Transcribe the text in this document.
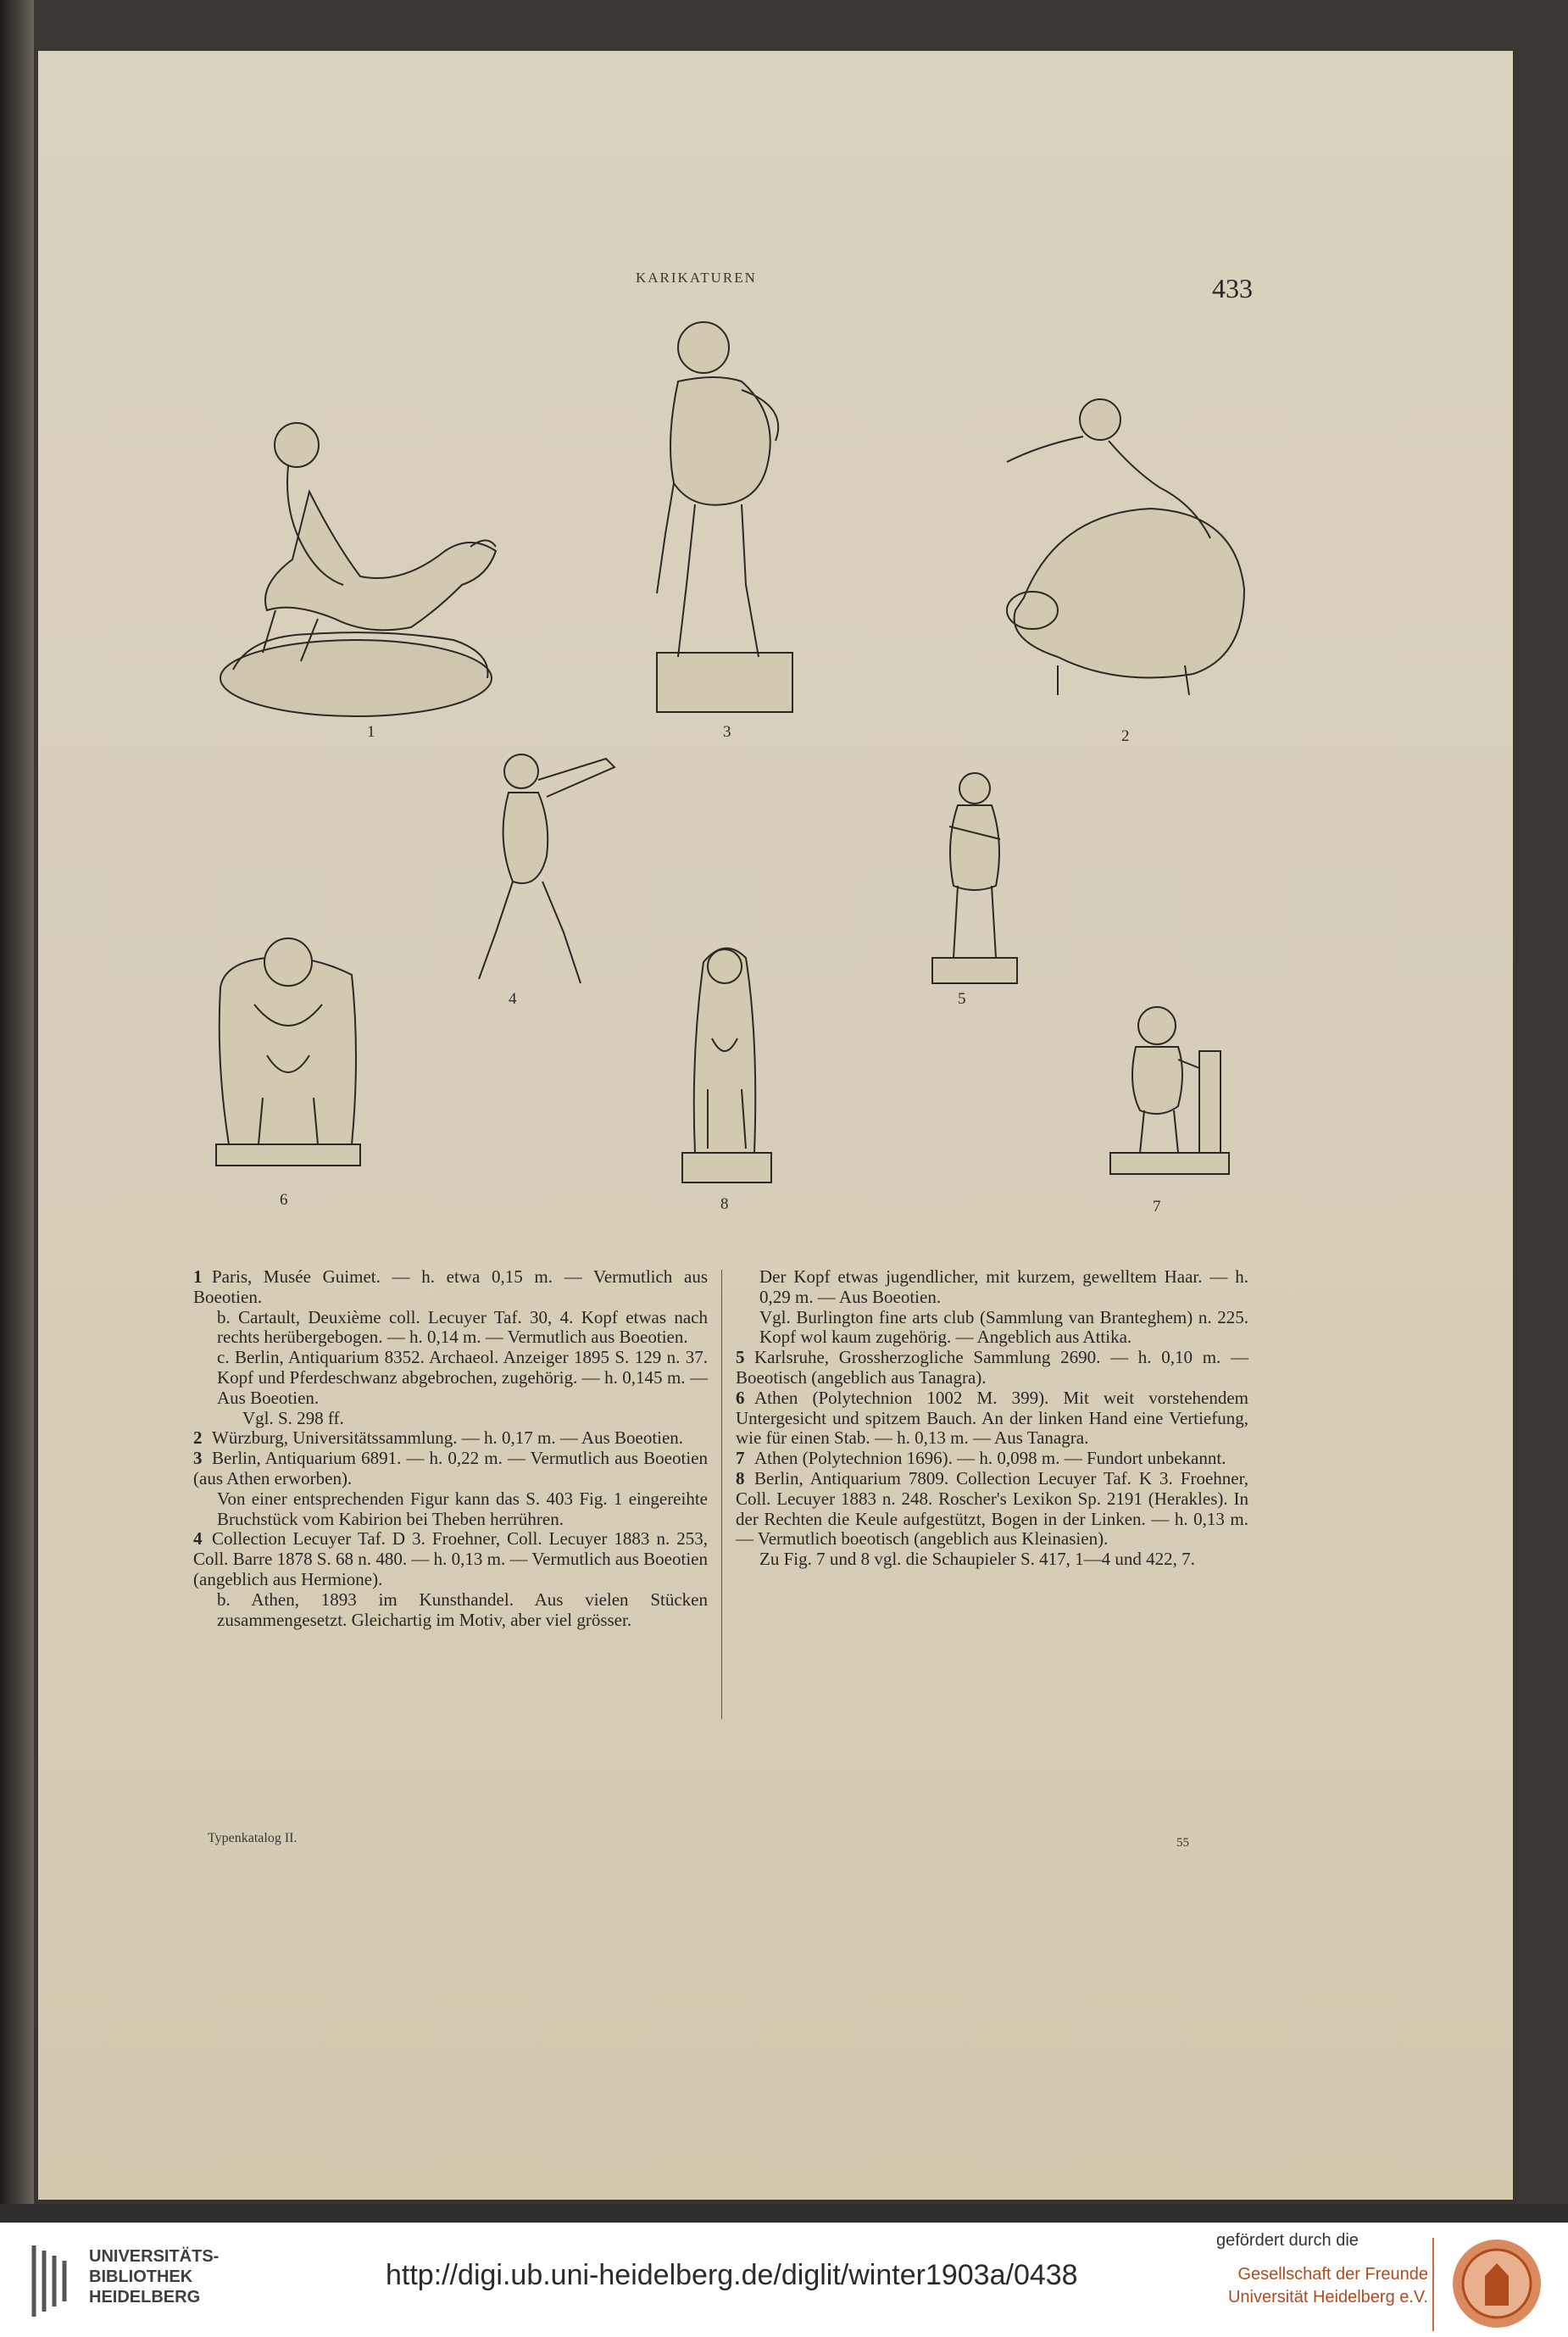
KARIKATUREN	433
1	3	2
4	5
6	8	7

1 Paris, Musée Guimet. — h. etwa 0,15 m. — Vermutlich aus Boeotien.

b. Cartault, Deuxième coll. Lecuyer Taf. 30, 4. Kopf etwas nach rechts herübergebogen. — h. 0,14 m. — Vermutlich aus Boeotien.

c. Berlin, Antiquarium 8352. Archaeol. Anzeiger 1895 S. 129 n. 37. Kopf und Pferdeschwanz abgebrochen, zugehörig. — h. 0,145 m. — Aus Boeotien.

Vgl. S. 298 ff.

2 Würzburg, Universitätssammlung. — h. 0,17 m. — Aus Boeotien.

3 Berlin, Antiquarium 6891. — h. 0,22 m. — Vermutlich aus Boeotien (aus Athen erworben).

Von einer entsprechenden Figur kann das S. 403 Fig. 1 eingereihte Bruchstück vom Kabirion bei Theben herrühren.

4 Collection Lecuyer Taf. D 3. Froehner, Coll. Lecuyer 1883 n. 253, Coll. Barre 1878 S. 68 n. 480. — h. 0,13 m. — Vermutlich aus Boeotien (angeblich aus Hermione).

b. Athen, 1893 im Kunsthandel. Aus vielen Stücken zusammengesetzt. Gleichartig im Motiv, aber viel grösser.

Der Kopf etwas jugendlicher, mit kurzem, gewelltem Haar. — h. 0,29 m. — Aus Boeotien.

Vgl. Burlington fine arts club (Sammlung van Branteghem) n. 225. Kopf wol kaum zugehörig. — Angeblich aus Attika.

5 Karlsruhe, Grossherzogliche Sammlung 2690. — h. 0,10 m. — Boeotisch (angeblich aus Tanagra).

6 Athen (Polytechnion 1002 M. 399). Mit weit vorstehendem Untergesicht und spitzem Bauch. An der linken Hand eine Vertiefung, wie für einen Stab. — h. 0,13 m. — Aus Tanagra.

7 Athen (Polytechnion 1696). — h. 0,098 m. — Fundort unbekannt.

8 Berlin, Antiquarium 7809. Collection Lecuyer Taf. K 3. Froehner, Coll. Lecuyer 1883 n. 248. Roscher's Lexikon Sp. 2191 (Herakles). In der Rechten die Keule aufgestützt, Bogen in der Linken. — h. 0,13 m. — Vermutlich boeotisch (angeblich aus Kleinasien).

Zu Fig. 7 und 8 vgl. die Schaupieler S. 417, 1—4 und 422, 7.

Typenkatalog II.	55
UNIVERSITÄTS-
BIBLIOTHEK
HEIDELBERG
http://digi.ub.uni-heidelberg.de/diglit/winter1903a/0438
gefördert durch die
Gesellschaft der Freunde
Universität Heidelberg e.V.
